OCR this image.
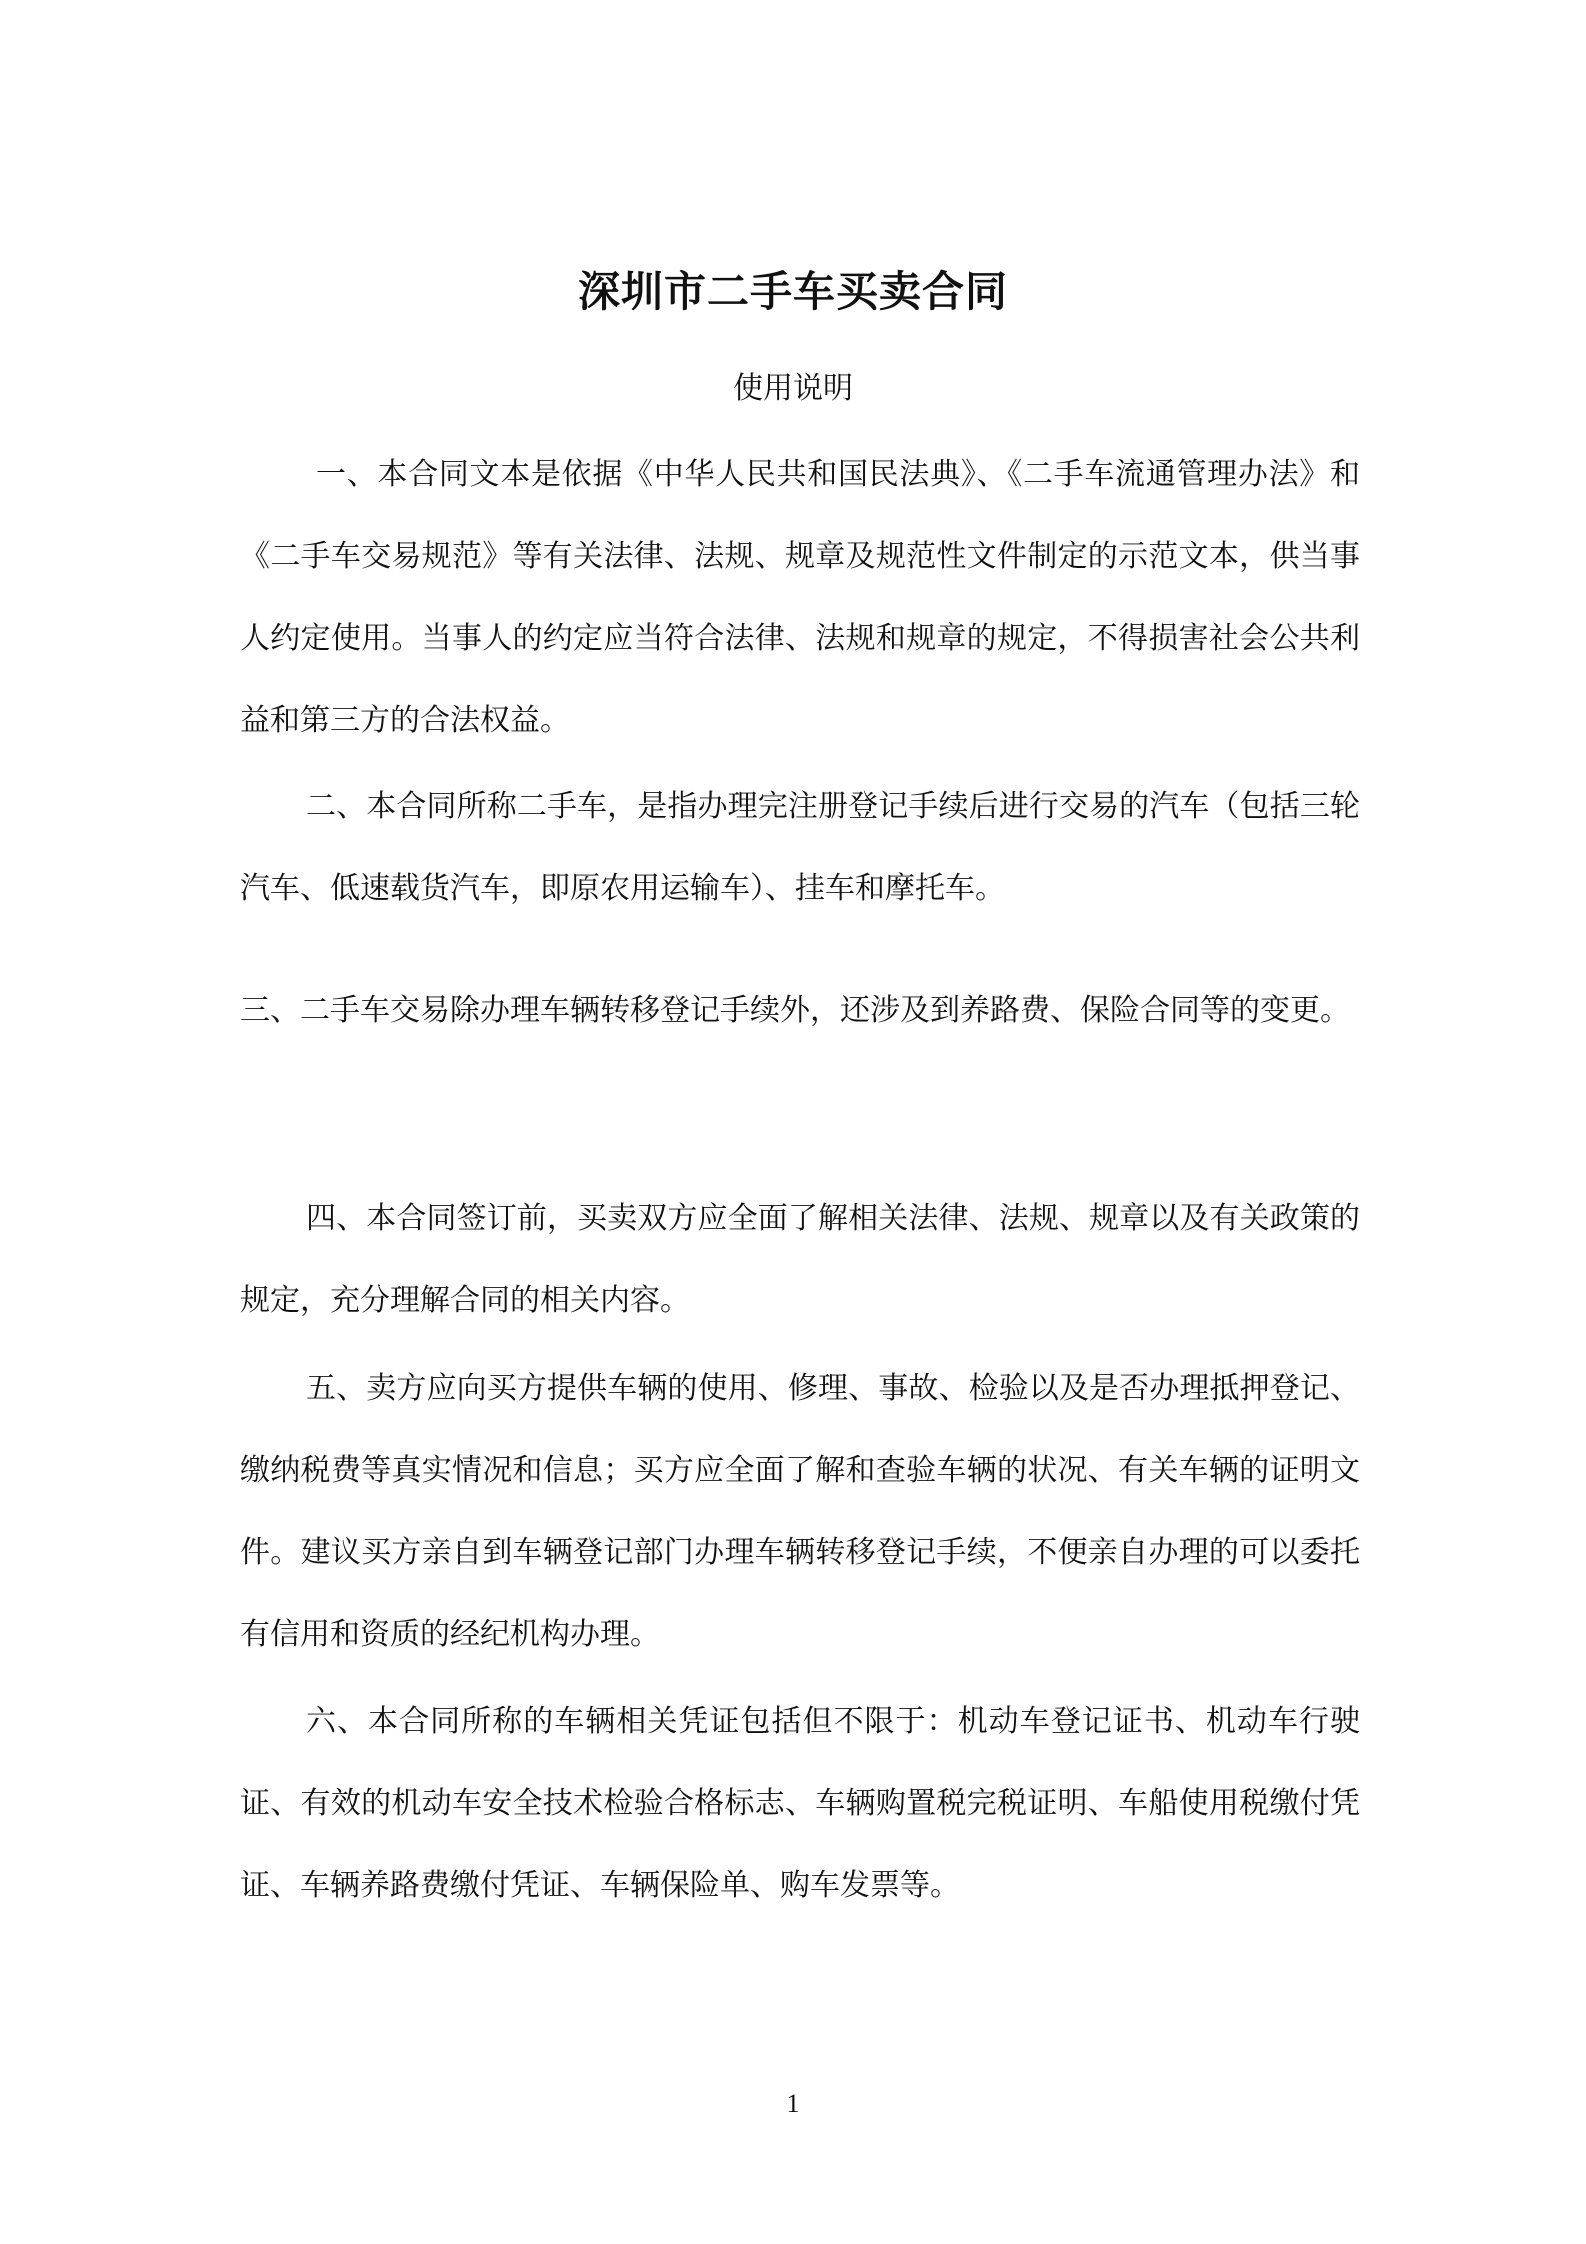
深圳市二手车买卖合同
使用说明

一、本合同文本是依据《中华人民共和国民法典》、《二手车流通管理办法》和《二手车交易规范》等有关法律、法规、规章及规范性文件制定的示范文本，供当事人约定使用。当事人的约定应当符合法律、法规和规章的规定，不得损害社会公共利益和第三方的合法权益。

二、本合同所称二手车，是指办理完注册登记手续后进行交易的汽车（包括三轮汽车、低速载货汽车，即原农用运输车）、挂车和摩托车。

三、二手车交易除办理车辆转移登记手续外，还涉及到养路费、保险合同等的变更。

四、本合同签订前，买卖双方应全面了解相关法律、法规、规章以及有关政策的规定，充分理解合同的相关内容。

五、卖方应向买方提供车辆的使用、修理、事故、检验以及是否办理抵押登记、缴纳税费等真实情况和信息；买方应全面了解和查验车辆的状况、有关车辆的证明文件。建议买方亲自到车辆登记部门办理车辆转移登记手续，不便亲自办理的可以委托有信用和资质的经纪机构办理。

六、本合同所称的车辆相关凭证包括但不限于：机动车登记证书、机动车行驶证、有效的机动车安全技术检验合格标志、车辆购置税完税证明、车船使用税缴付凭证、车辆养路费缴付凭证、车辆保险单、购车发票等。

1
